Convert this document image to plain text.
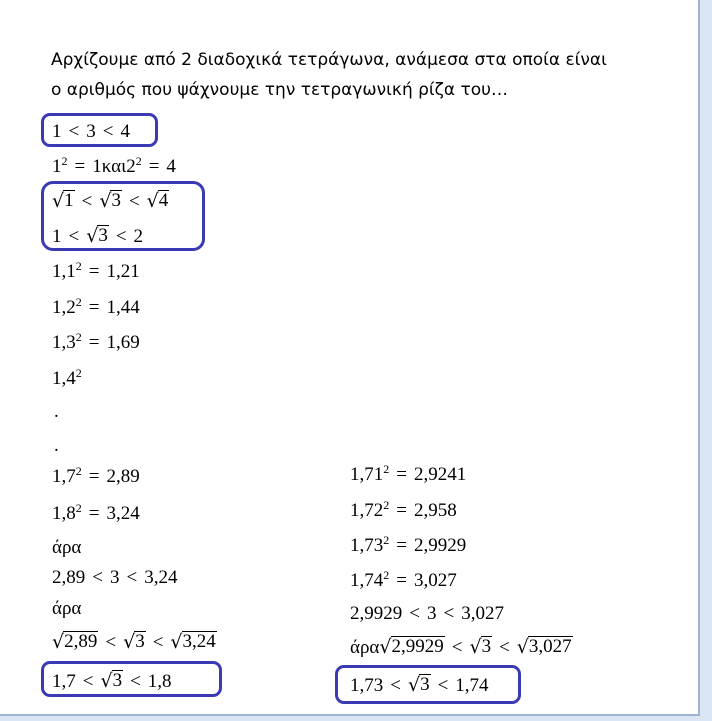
Αρχίζουμε από 2 διαδοχικά τετράγωνα, ανάμεσα στα οποία είναι
ο αριθμός που ψάχνουμε την τετραγωνική ρίζα του…

1 < 3 < 4
$1^2 = 1\kappa\alpha\iota 2^2 = 4$
√ 1 < √ 3 < √ 4
1 < √ 3 < 2
$1,1^2 = 1,21$
$1,2^2 = 1,44$
$1,3^2 = 1,69$
$1,4^2$
.
.
$1,7^2 = 2,89$
$1,8^2 = 3,24$
άρα
2,89 < 3 < 3,24
άρα
√ 2,89 < √ 3 < √ 3,24
1,7 < √ 3 < 1,8
$1,71^2 = 2,9241$
$1,72^2 = 2,958$
$1,73^2 = 2,9929$
$1,74^2 = 3,027$
2,9929 < 3 < 3,027
άρα √ 2,9929 < √ 3 < √ 3,027
1,73 < √ 3 < 1,74
